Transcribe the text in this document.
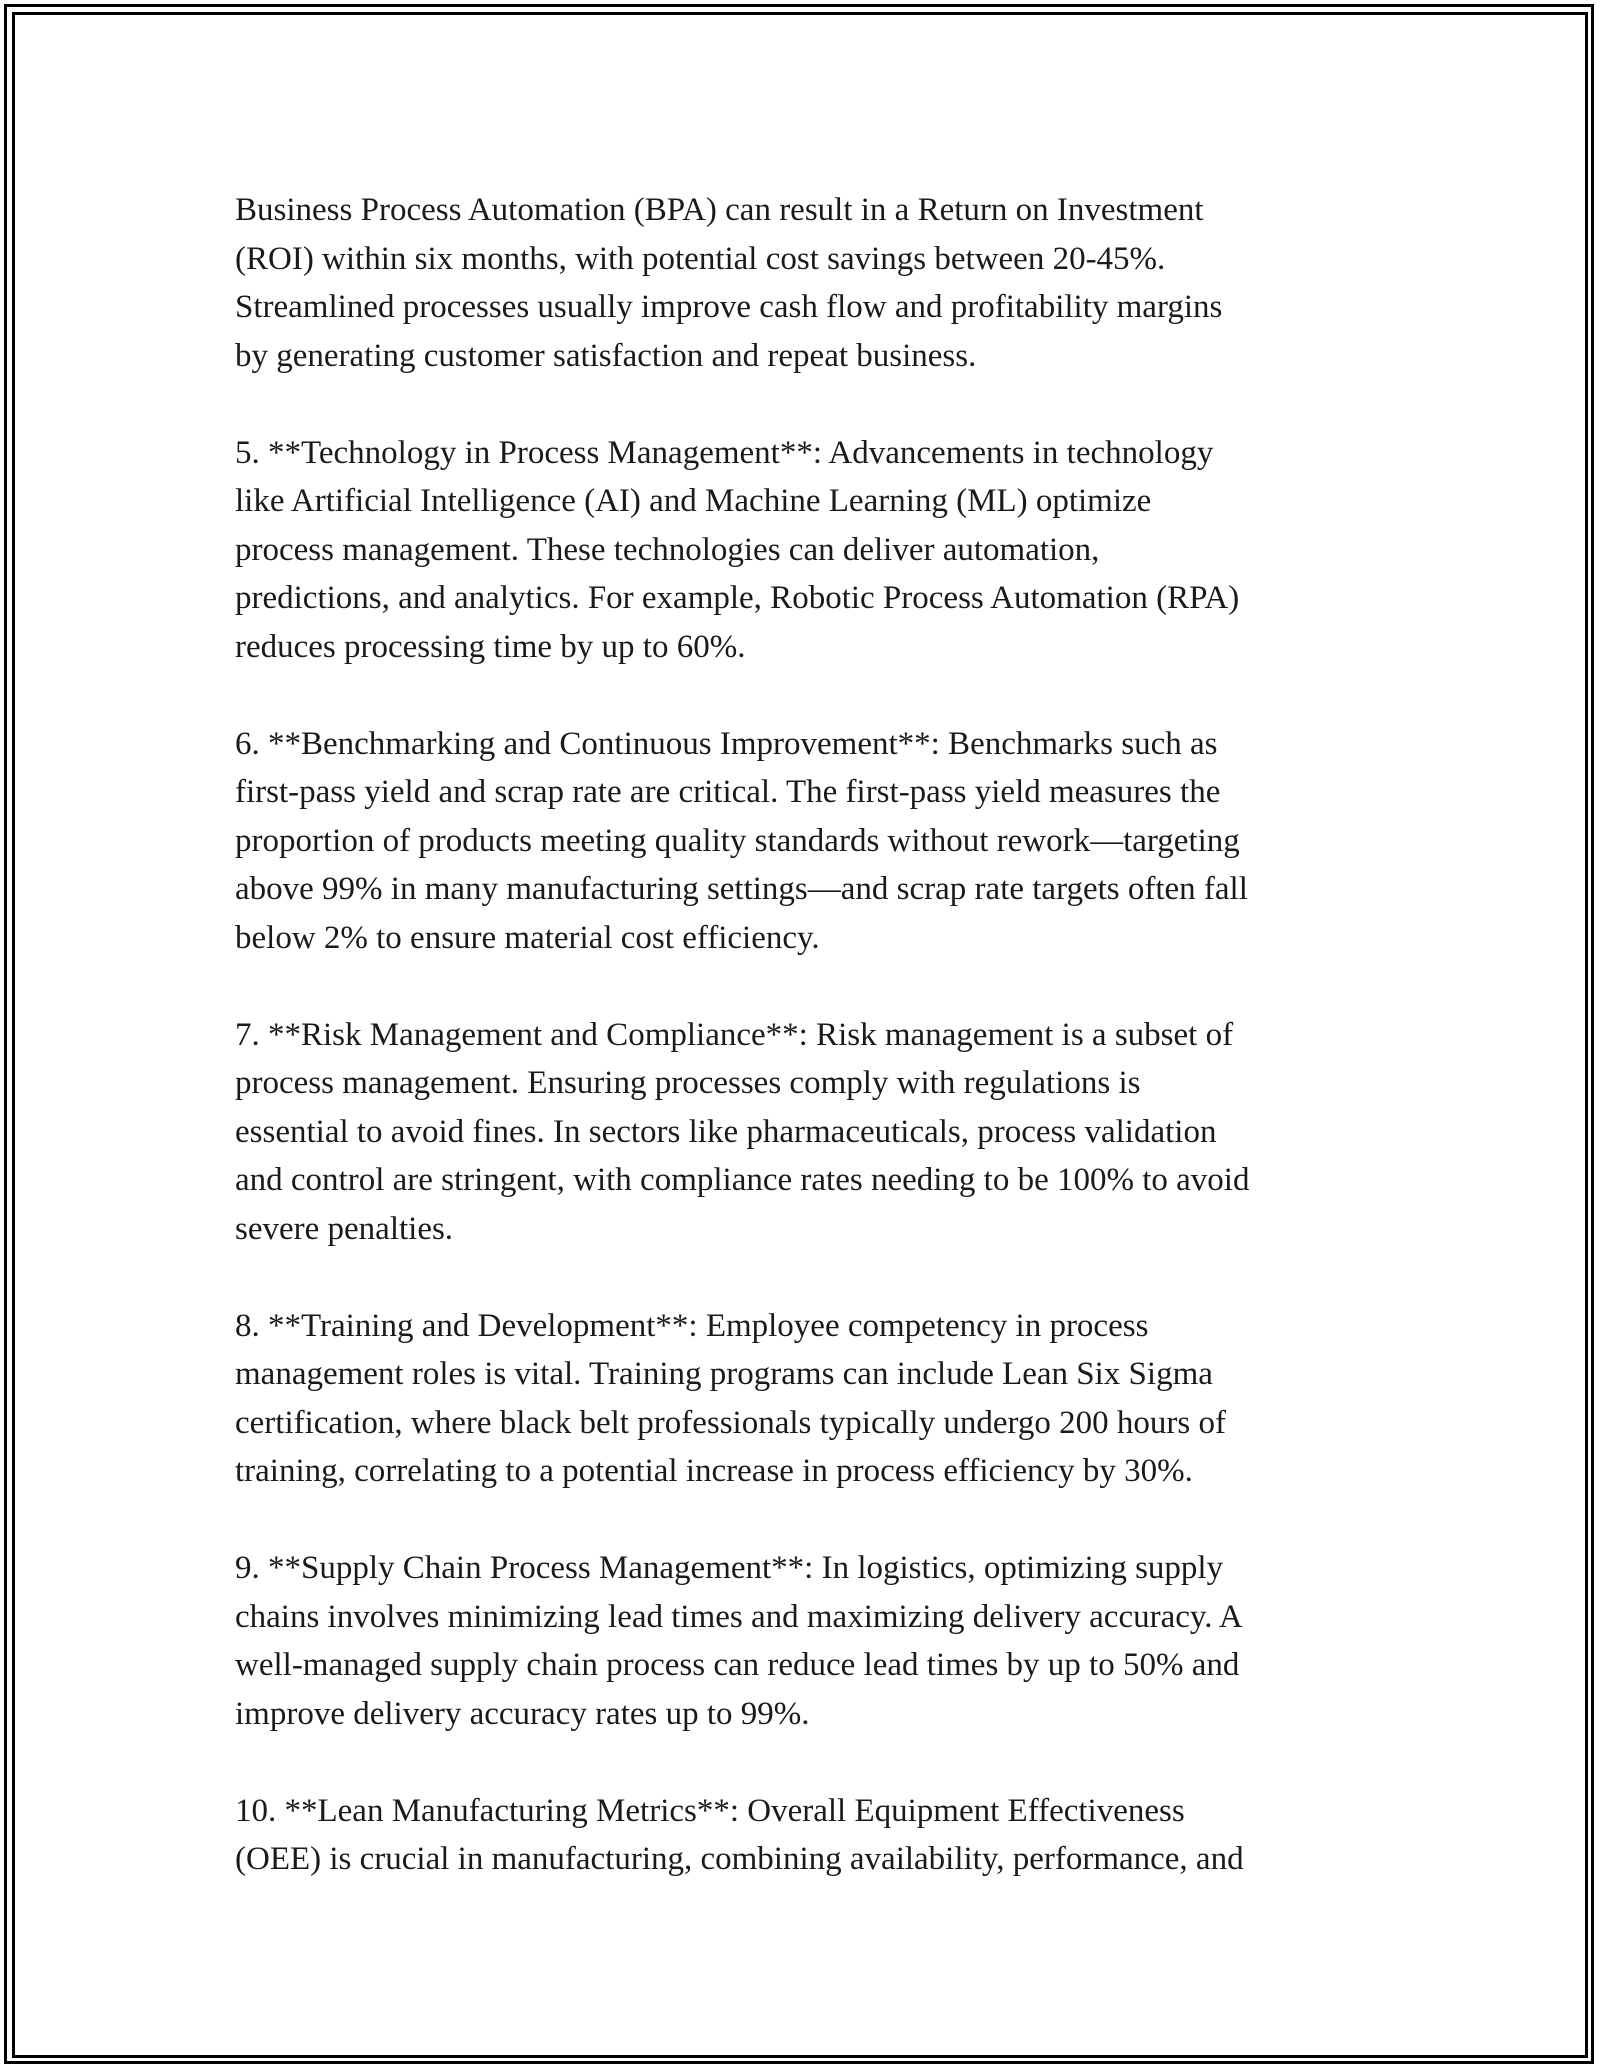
Business Process Automation (BPA) can result in a Return on Investment
(ROI) within six months, with potential cost savings between 20-45%.
Streamlined processes usually improve cash flow and profitability margins
by generating customer satisfaction and repeat business.

5. **Technology in Process Management**: Advancements in technology
like Artificial Intelligence (AI) and Machine Learning (ML) optimize
process management. These technologies can deliver automation,
predictions, and analytics. For example, Robotic Process Automation (RPA)
reduces processing time by up to 60%.

6. **Benchmarking and Continuous Improvement**: Benchmarks such as
first-pass yield and scrap rate are critical. The first-pass yield measures the
proportion of products meeting quality standards without rework—targeting
above 99% in many manufacturing settings—and scrap rate targets often fall
below 2% to ensure material cost efficiency.

7. **Risk Management and Compliance**: Risk management is a subset of
process management. Ensuring processes comply with regulations is
essential to avoid fines. In sectors like pharmaceuticals, process validation
and control are stringent, with compliance rates needing to be 100% to avoid
severe penalties.

8. **Training and Development**: Employee competency in process
management roles is vital. Training programs can include Lean Six Sigma
certification, where black belt professionals typically undergo 200 hours of
training, correlating to a potential increase in process efficiency by 30%.

9. **Supply Chain Process Management**: In logistics, optimizing supply
chains involves minimizing lead times and maximizing delivery accuracy. A
well-managed supply chain process can reduce lead times by up to 50% and
improve delivery accuracy rates up to 99%.

10. **Lean Manufacturing Metrics**: Overall Equipment Effectiveness
(OEE) is crucial in manufacturing, combining availability, performance, and
